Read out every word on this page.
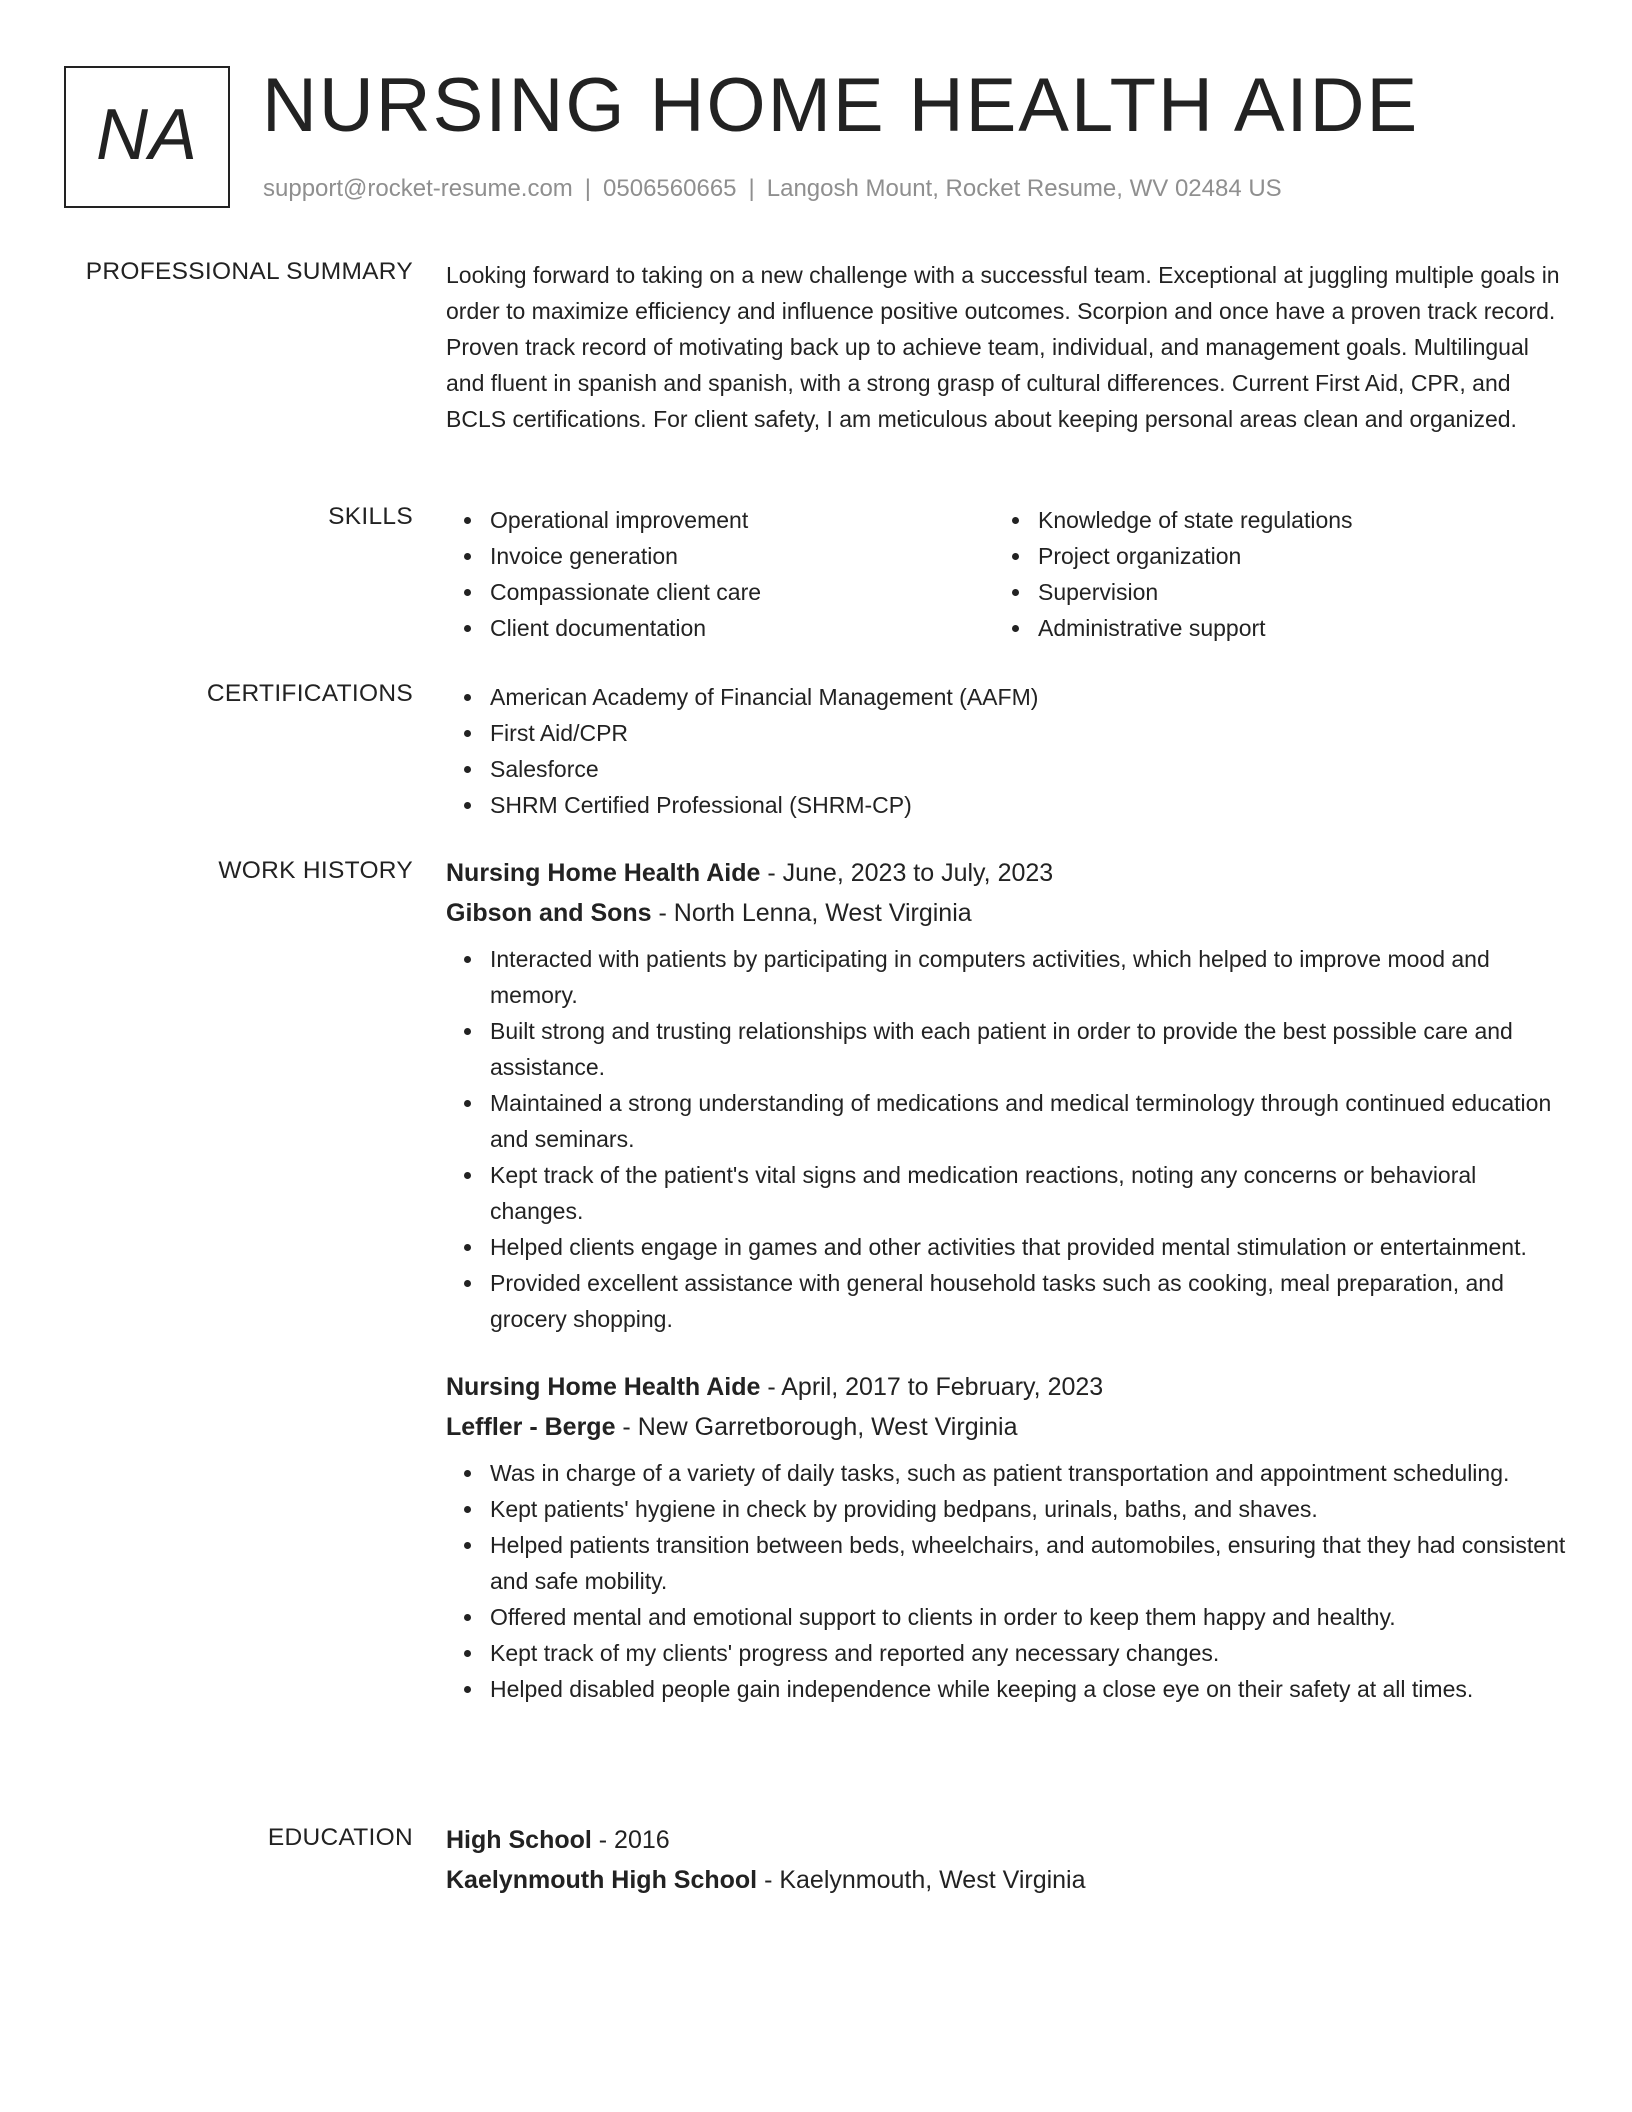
NA NURSING HOME HEALTH AIDE
support@rocket-resume.com | 0506560665 | Langosh Mount, Rocket Resume, WV 02484 US
PROFESSIONAL SUMMARY Looking forward to taking on a new challenge with a successful team. Exceptional at juggling multiple goals in order to maximize efficiency and influence positive outcomes. Scorpion and once have a proven track record. Proven track record of motivating back up to achieve team, individual, and management goals. Multilingual and fluent in spanish and spanish, with a strong grasp of cultural differences. Current First Aid, CPR, and BCLS certifications. For client safety, I am meticulous about keeping personal areas clean and organized.
SKILLS	Operational improvement
Invoice generation
Compassionate client care
Client documentation
Knowledge of state regulations
Project organization
Supervision
Administrative support
CERTIFICATIONS	American Academy of Financial Management (AAFM)
First Aid/CPR
Salesforce
SHRM Certified Professional (SHRM-CP)
WORK HISTORY Nursing Home Health Aide - June, 2023 to July, 2023
Gibson and Sons - North Lenna, West Virginia
Interacted with patients by participating in computers activities, which helped to improve mood and memory.
Built strong and trusting relationships with each patient in order to provide the best possible care and assistance.
Maintained a strong understanding of medications and medical terminology through continued education and seminars.
Kept track of the patient's vital signs and medication reactions, noting any concerns or behavioral changes.
Helped clients engage in games and other activities that provided mental stimulation or entertainment.
Provided excellent assistance with general household tasks such as cooking, meal preparation, and grocery shopping.
Nursing Home Health Aide - April, 2017 to February, 2023
Leffler - Berge - New Garretborough, West Virginia
Was in charge of a variety of daily tasks, such as patient transportation and appointment scheduling.
Kept patients' hygiene in check by providing bedpans, urinals, baths, and shaves.
Helped patients transition between beds, wheelchairs, and automobiles, ensuring that they had consistent and safe mobility.
Offered mental and emotional support to clients in order to keep them happy and healthy.
Kept track of my clients' progress and reported any necessary changes.
Helped disabled people gain independence while keeping a close eye on their safety at all times.
EDUCATION High School - 2016
Kaelynmouth High School - Kaelynmouth, West Virginia
